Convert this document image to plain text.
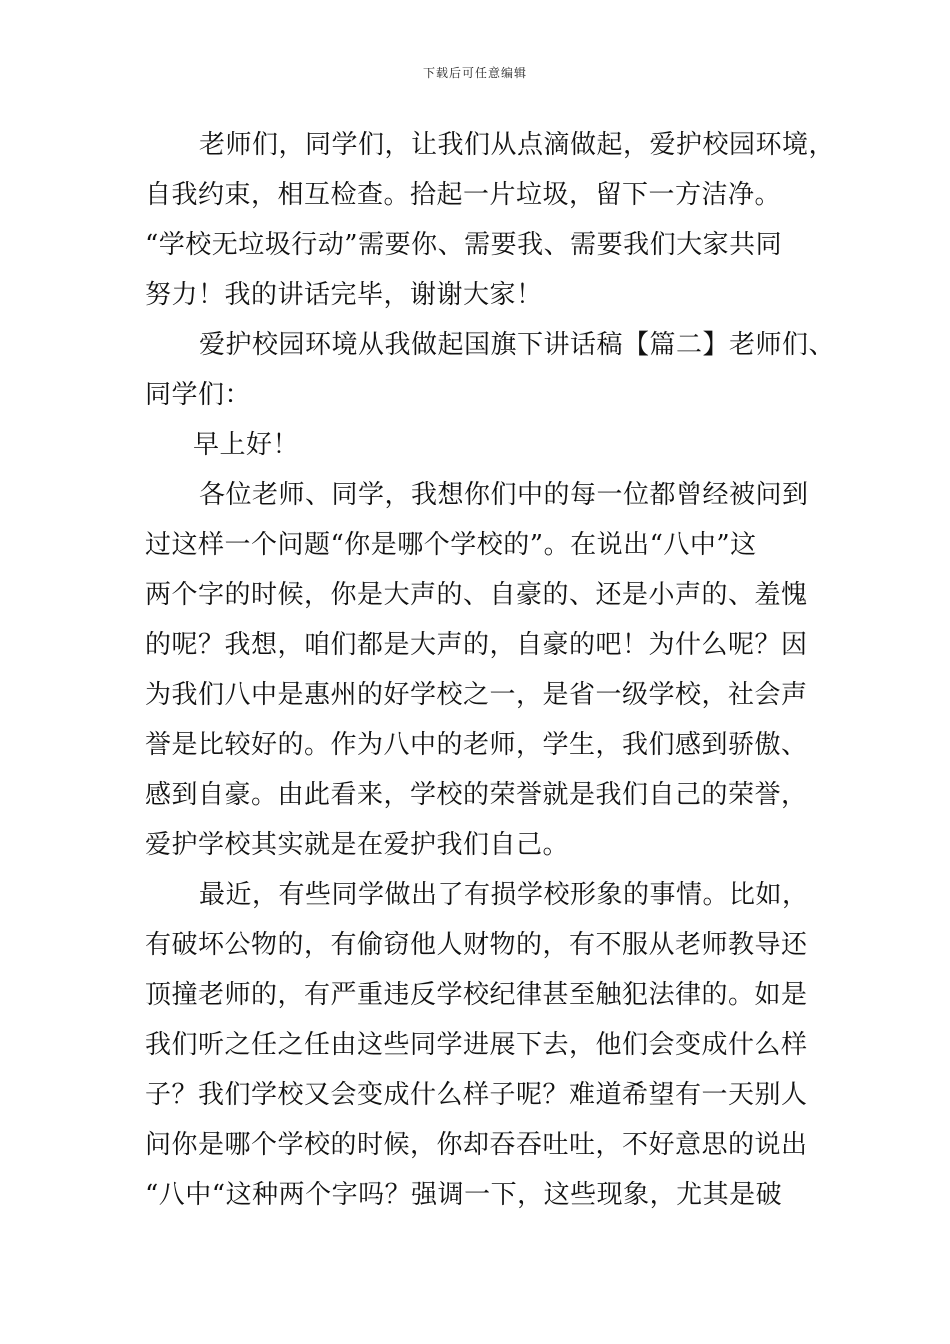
下载后可任意编辑
老师们，同学们，让我们从点滴做起，爱护校园环境，
自我约束，相互检查。拾起一片垃圾，留下一方洁净。
“学校无垃圾行动”需要你、需要我、需要我们大家共同
努力！我的讲话完毕，谢谢大家！
爱护校园环境从我做起国旗下讲话稿【篇二】老师们、
同学们：
早上好！
各位老师、同学，我想你们中的每一位都曾经被问到
过这样一个问题“你是哪个学校的”。在说出“八中”这
两个字的时候，你是大声的、自豪的、还是小声的、羞愧
的呢？我想，咱们都是大声的，自豪的吧！为什么呢？因
为我们八中是惠州的好学校之一，是省一级学校，社会声
誉是比较好的。作为八中的老师，学生，我们感到骄傲、
感到自豪。由此看来，学校的荣誉就是我们自己的荣誉，
爱护学校其实就是在爱护我们自己。
最近，有些同学做出了有损学校形象的事情。比如，
有破坏公物的，有偷窃他人财物的，有不服从老师教导还
顶撞老师的，有严重违反学校纪律甚至触犯法律的。如是
我们听之任之任由这些同学进展下去，他们会变成什么样
子？我们学校又会变成什么样子呢？难道希望有一天别人
问你是哪个学校的时候，你却吞吞吐吐，不好意思的说出
“八中“这种两个字吗？强调一下，这些现象，尤其是破
